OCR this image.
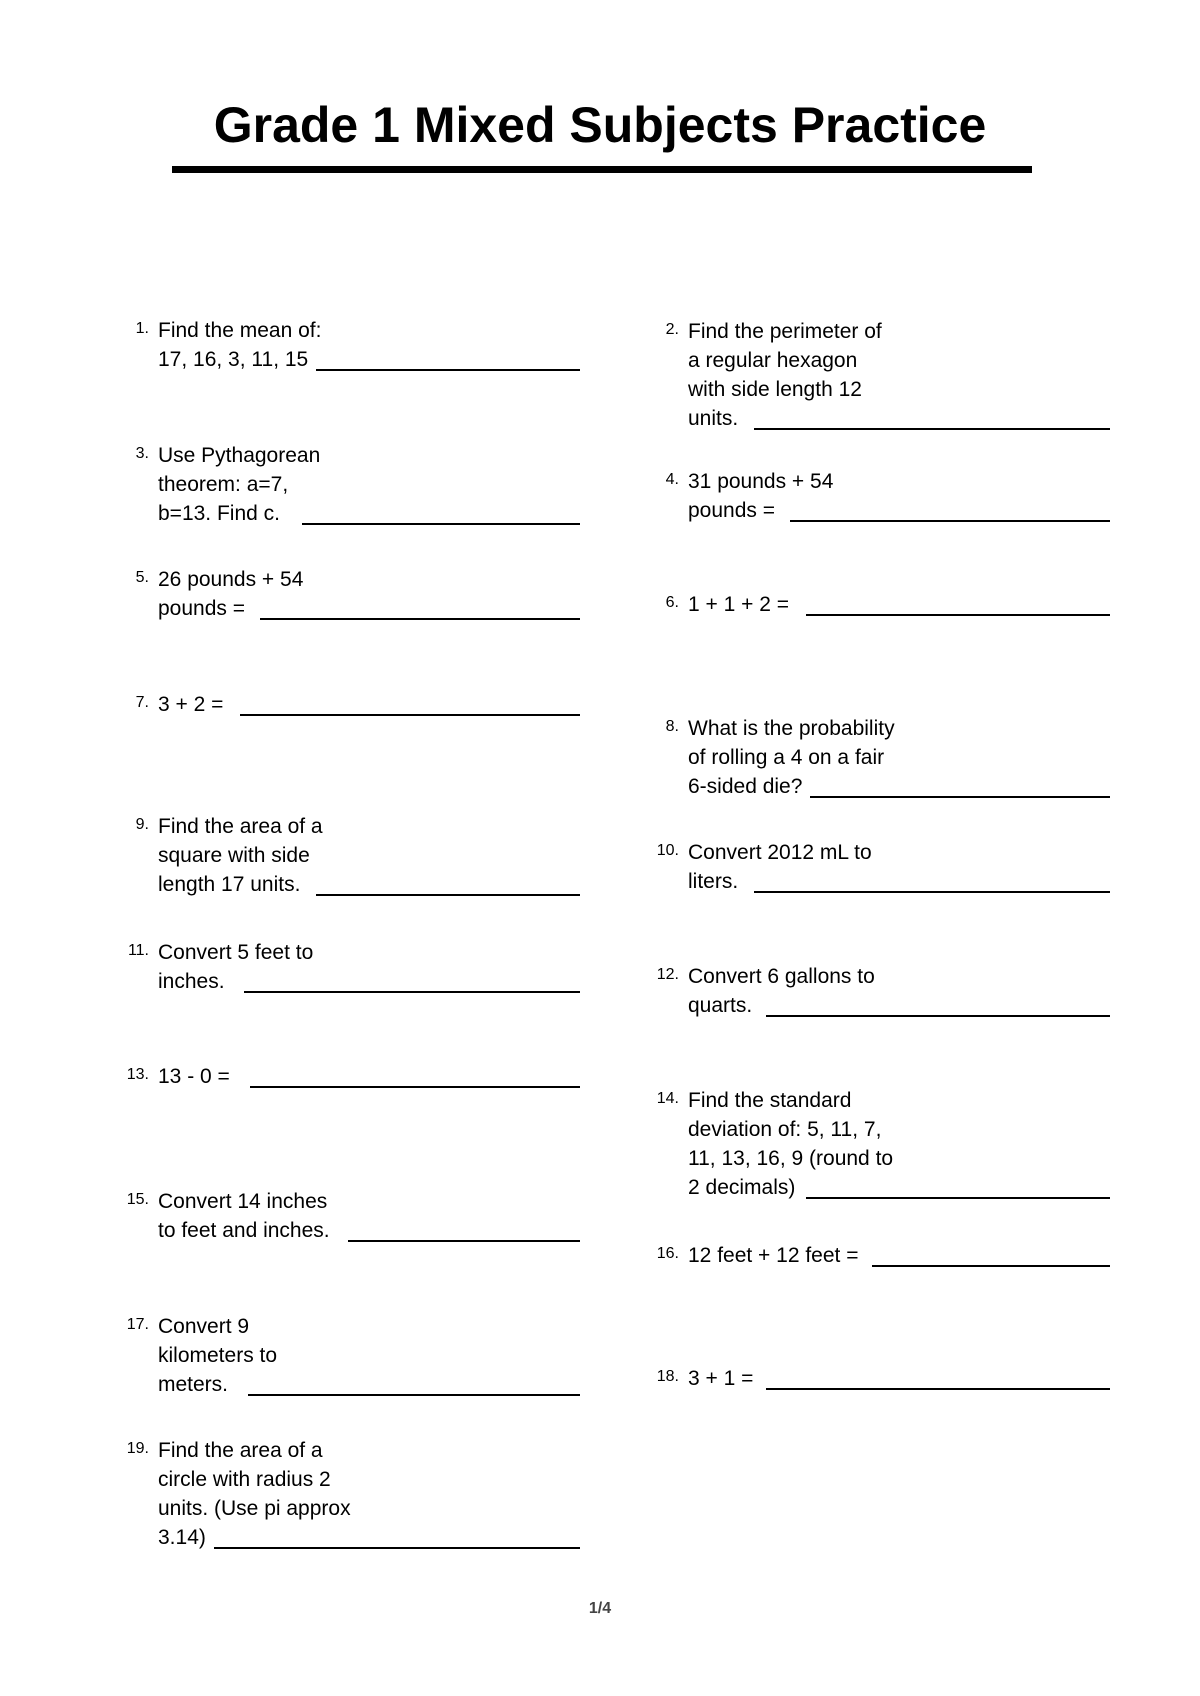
Grade 1 Mixed Subjects Practice
1. Find the mean of:
17, 16, 3, 11, 15
2. Find the perimeter of
a regular hexagon
with side length 12
units.
3. Use Pythagorean
theorem: a=7,
b=13. Find c.
4. 31 pounds + 54
pounds =
5. 26 pounds + 54
pounds =	6. 1 + 1 + 2 =
7. 3 + 2 =
8. What is the probability
of rolling a 4 on a fair
6-sided die?
9. Find the area of a
square with side
length 17 units.
10. Convert 2012 mL to
liters.
11. Convert 5 feet to
inches.	12. Convert 6 gallons to
quarts.
13. 13 - 0 =
14. Find the standard
deviation of: 5, 11, 7,
11, 13, 16, 9 (round to
2 decimals)
15. Convert 14 inches
to feet and inches.
16. 12 feet + 12 feet =
17. Convert 9
kilometers to
meters.	18. 3 + 1 =
19. Find the area of a
circle with radius 2
units. (Use pi approx
3.14)
1/4
